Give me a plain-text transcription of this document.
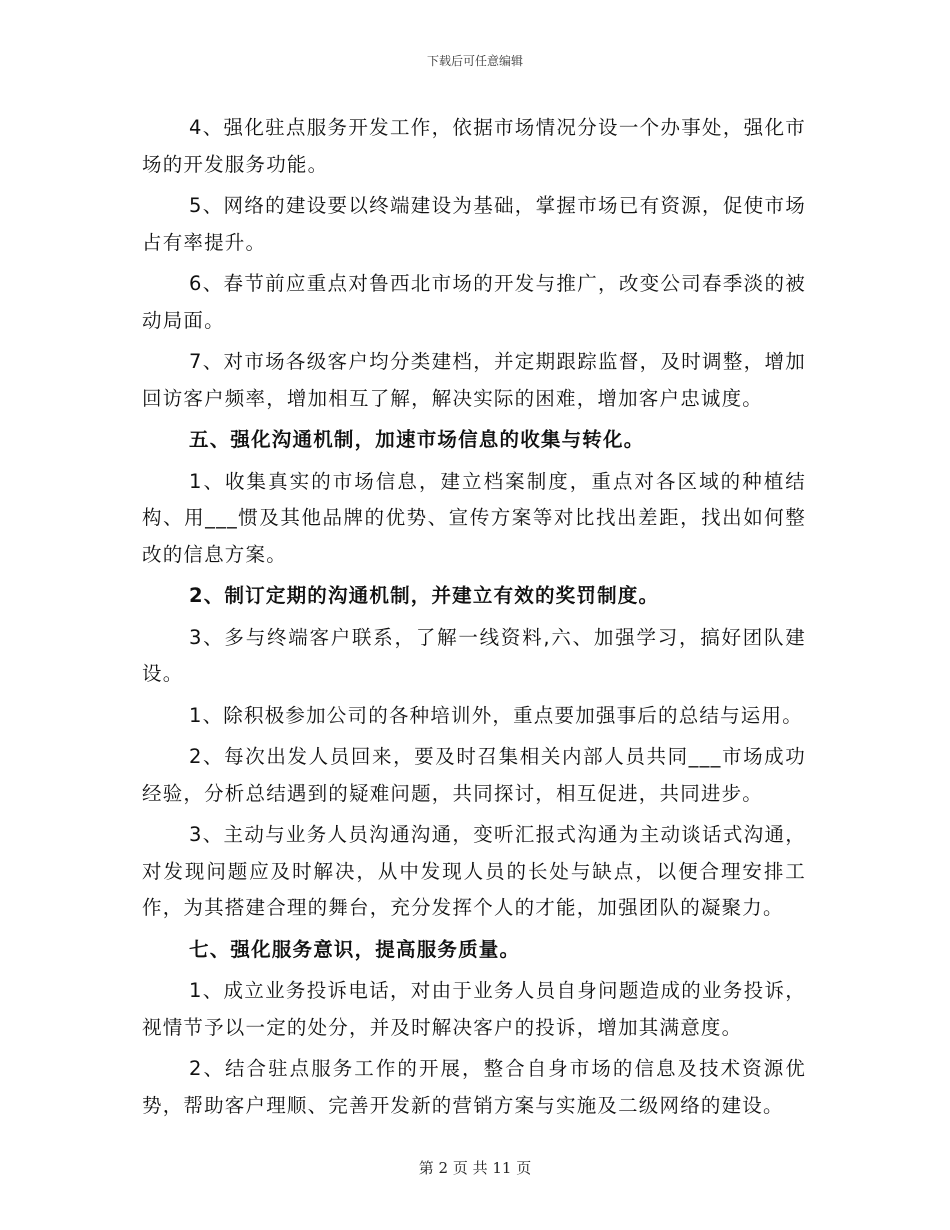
下载后可任意编辑

4、强化驻点服务开发工作，依据市场情况分设一个办事处，强化市场的开发服务功能。

5、网络的建设要以终端建设为基础，掌握市场已有资源，促使市场占有率提升。

6、春节前应重点对鲁西北市场的开发与推广，改变公司春季淡的被动局面。

7、对市场各级客户均分类建档，并定期跟踪监督，及时调整，增加回访客户频率，增加相互了解，解决实际的困难，增加客户忠诚度。

五、强化沟通机制，加速市场信息的收集与转化。

1、收集真实的市场信息，建立档案制度，重点对各区域的种植结构、用___惯及其他品牌的优势、宣传方案等对比找出差距，找出如何整改的信息方案。

2、制订定期的沟通机制，并建立有效的奖罚制度。

3、多与终端客户联系，了解一线资料,六、加强学习，搞好团队建设。

1、除积极参加公司的各种培训外，重点要加强事后的总结与运用。

2、每次出发人员回来，要及时召集相关内部人员共同___市场成功经验，分析总结遇到的疑难问题，共同探讨，相互促进，共同进步。

3、主动与业务人员沟通沟通，变听汇报式沟通为主动谈话式沟通，对发现问题应及时解决，从中发现人员的长处与缺点，以便合理安排工作，为其搭建合理的舞台，充分发挥个人的才能，加强团队的凝聚力。

七、强化服务意识，提高服务质量。

1、成立业务投诉电话，对由于业务人员自身问题造成的业务投诉，视情节予以一定的处分，并及时解决客户的投诉，增加其满意度。

2、结合驻点服务工作的开展，整合自身市场的信息及技术资源优势，帮助客户理顺、完善开发新的营销方案与实施及二级网络的建设。

第 2 页 共 11 页
